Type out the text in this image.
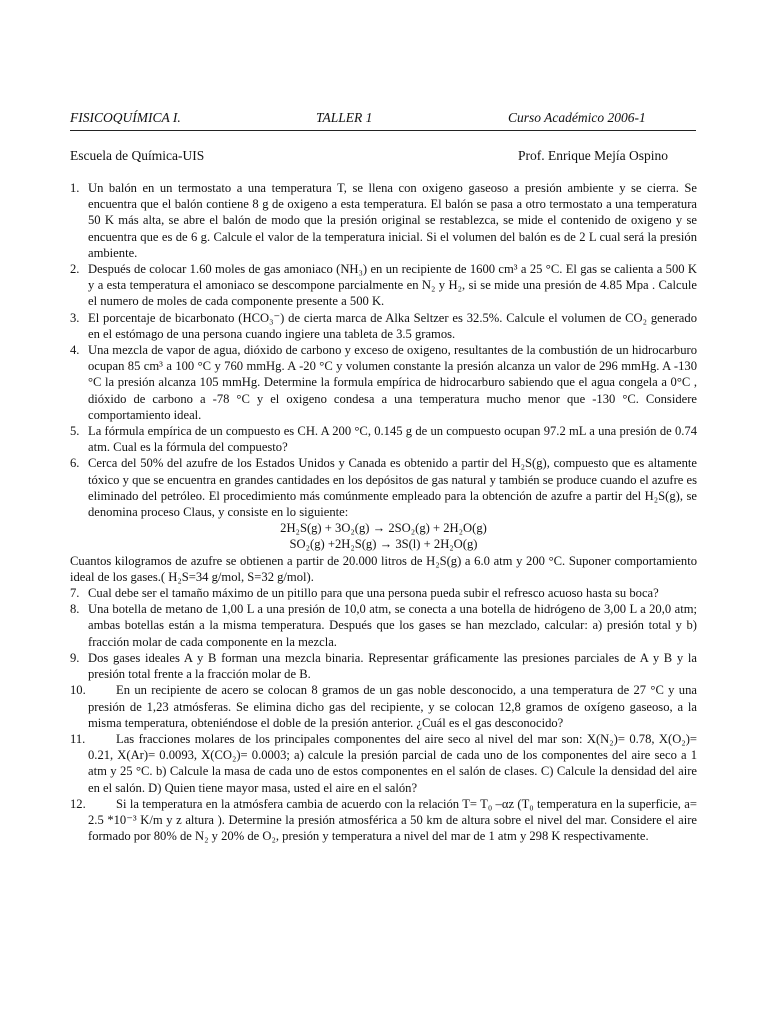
FISICOQUÍMICA I.	TALLER 1	Curso Académico 2006-1
Escuela de Química-UIS	Prof. Enrique Mejía Ospino
1. Un balón en un termostato a una temperatura T, se llena con oxigeno gaseoso a presión ambiente y se cierra. Se encuentra que el balón contiene 8 g de oxigeno a esta temperatura. El balón se pasa a otro termostato a una temperatura 50 K más alta, se abre el balón de modo que la presión original se restablezca, se mide el contenido de oxigeno y se encuentra que es de 6 g. Calcule el valor de la temperatura inicial. Si el volumen del balón es de 2 L cual será la presión ambiente.
2. Después de colocar 1.60 moles de gas amoniaco (NH₃) en un recipiente de 1600 cm³ a 25 °C. El gas se calienta a 500 K y a esta temperatura el amoniaco se descompone parcialmente en N₂ y H₂, si se mide una presión de 4.85 Mpa . Calcule el numero de moles de cada componente presente a 500 K.
3. El porcentaje de bicarbonato (HCO₃⁻) de cierta marca de Alka Seltzer es 32.5%. Calcule el volumen de CO₂ generado en el estómago de una persona cuando ingiere una tableta de 3.5 gramos.
4. Una mezcla de vapor de agua, dióxido de carbono y exceso de oxigeno, resultantes de la combustión de un hidrocarburo ocupan 85 cm³ a 100 °C y 760 mmHg. A -20 °C y volumen constante la presión alcanza un valor de 296 mmHg. A -130 °C la presión alcanza 105 mmHg. Determine la formula empírica de hidrocarburo sabiendo que el agua congela a 0°C , dióxido de carbono a -78 °C y el oxigeno condesa a una temperatura mucho menor que -130 °C. Considere comportamiento ideal.
5. La fórmula empírica de un compuesto es CH. A 200 °C, 0.145 g de un compuesto ocupan 97.2 mL a una presión de 0.74 atm. Cual es la fórmula del compuesto?
6. Cerca del 50% del azufre de los Estados Unidos y Canada es obtenido a partir del H₂S(g), compuesto que es altamente tóxico y que se encuentra en grandes cantidades en los depósitos de gas natural y también se produce cuando el azufre es eliminado del petróleo. El procedimiento más comúnmente empleado para la obtención de azufre a partir del H₂S(g), se denomina proceso Claus, y consiste en lo siguiente:

2H₂S(g) + 3O₂(g) → 2SO₂(g) + 2H₂O(g)

SO₂(g) +2H₂S(g) → 3S(l) + 2H₂O(g)

Cuantos kilogramos de azufre se obtienen a partir de 20.000 litros de H₂S(g) a 6.0 atm y 200 °C. Suponer comportamiento ideal de los gases.( H₂S=34 g/mol, S=32 g/mol).
7. Cual debe ser el tamaño máximo de un pitillo para que una persona pueda subir el refresco acuoso hasta su boca?
8. Una botella de metano de 1,00 L a una presión de 10,0 atm, se conecta a una botella de hidrógeno de 3,00 L a 20,0 atm; ambas botellas están a la misma temperatura. Después que los gases se han mezclado, calcular: a) presión total y b) fracción molar de cada componente en la mezcla.
9. Dos gases ideales A y B forman una mezcla binaria. Representar gráficamente las presiones parciales de A y B y la presión total frente a la fracción molar de B.
10. En un recipiente de acero se colocan 8 gramos de un gas noble desconocido, a una temperatura de 27 °C y una presión de 1,23 atmósferas. Se elimina dicho gas del recipiente, y se colocan 12,8 gramos de oxígeno gaseoso, a la misma temperatura, obteniéndose el doble de la presión anterior. ¿Cuál es el gas desconocido?
11. Las fracciones molares de los principales componentes del aire seco al nivel del mar son: X(N₂)= 0.78, X(O₂)= 0.21, X(Ar)= 0.0093, X(CO₂)= 0.0003; a) calcule la presión parcial de cada uno de los componentes del aire seco a 1 atm y 25 °C. b) Calcule la masa de cada uno de estos componentes en el salón de clases. C) Calcule la densidad del aire en el salón. D) Quien tiene mayor masa, usted el aire en el salón?
12. Si la temperatura en la atmósfera cambia de acuerdo con la relación T= T₀ –αz (T₀ temperatura en la superficie, a= 2.5 *10⁻³ K/m y z altura ). Determine la presión atmosférica a 50 km de altura sobre el nivel del mar. Considere el aire formado por 80% de N₂ y 20% de O₂, presión y temperatura a nivel del mar de 1 atm y 298 K respectivamente.
